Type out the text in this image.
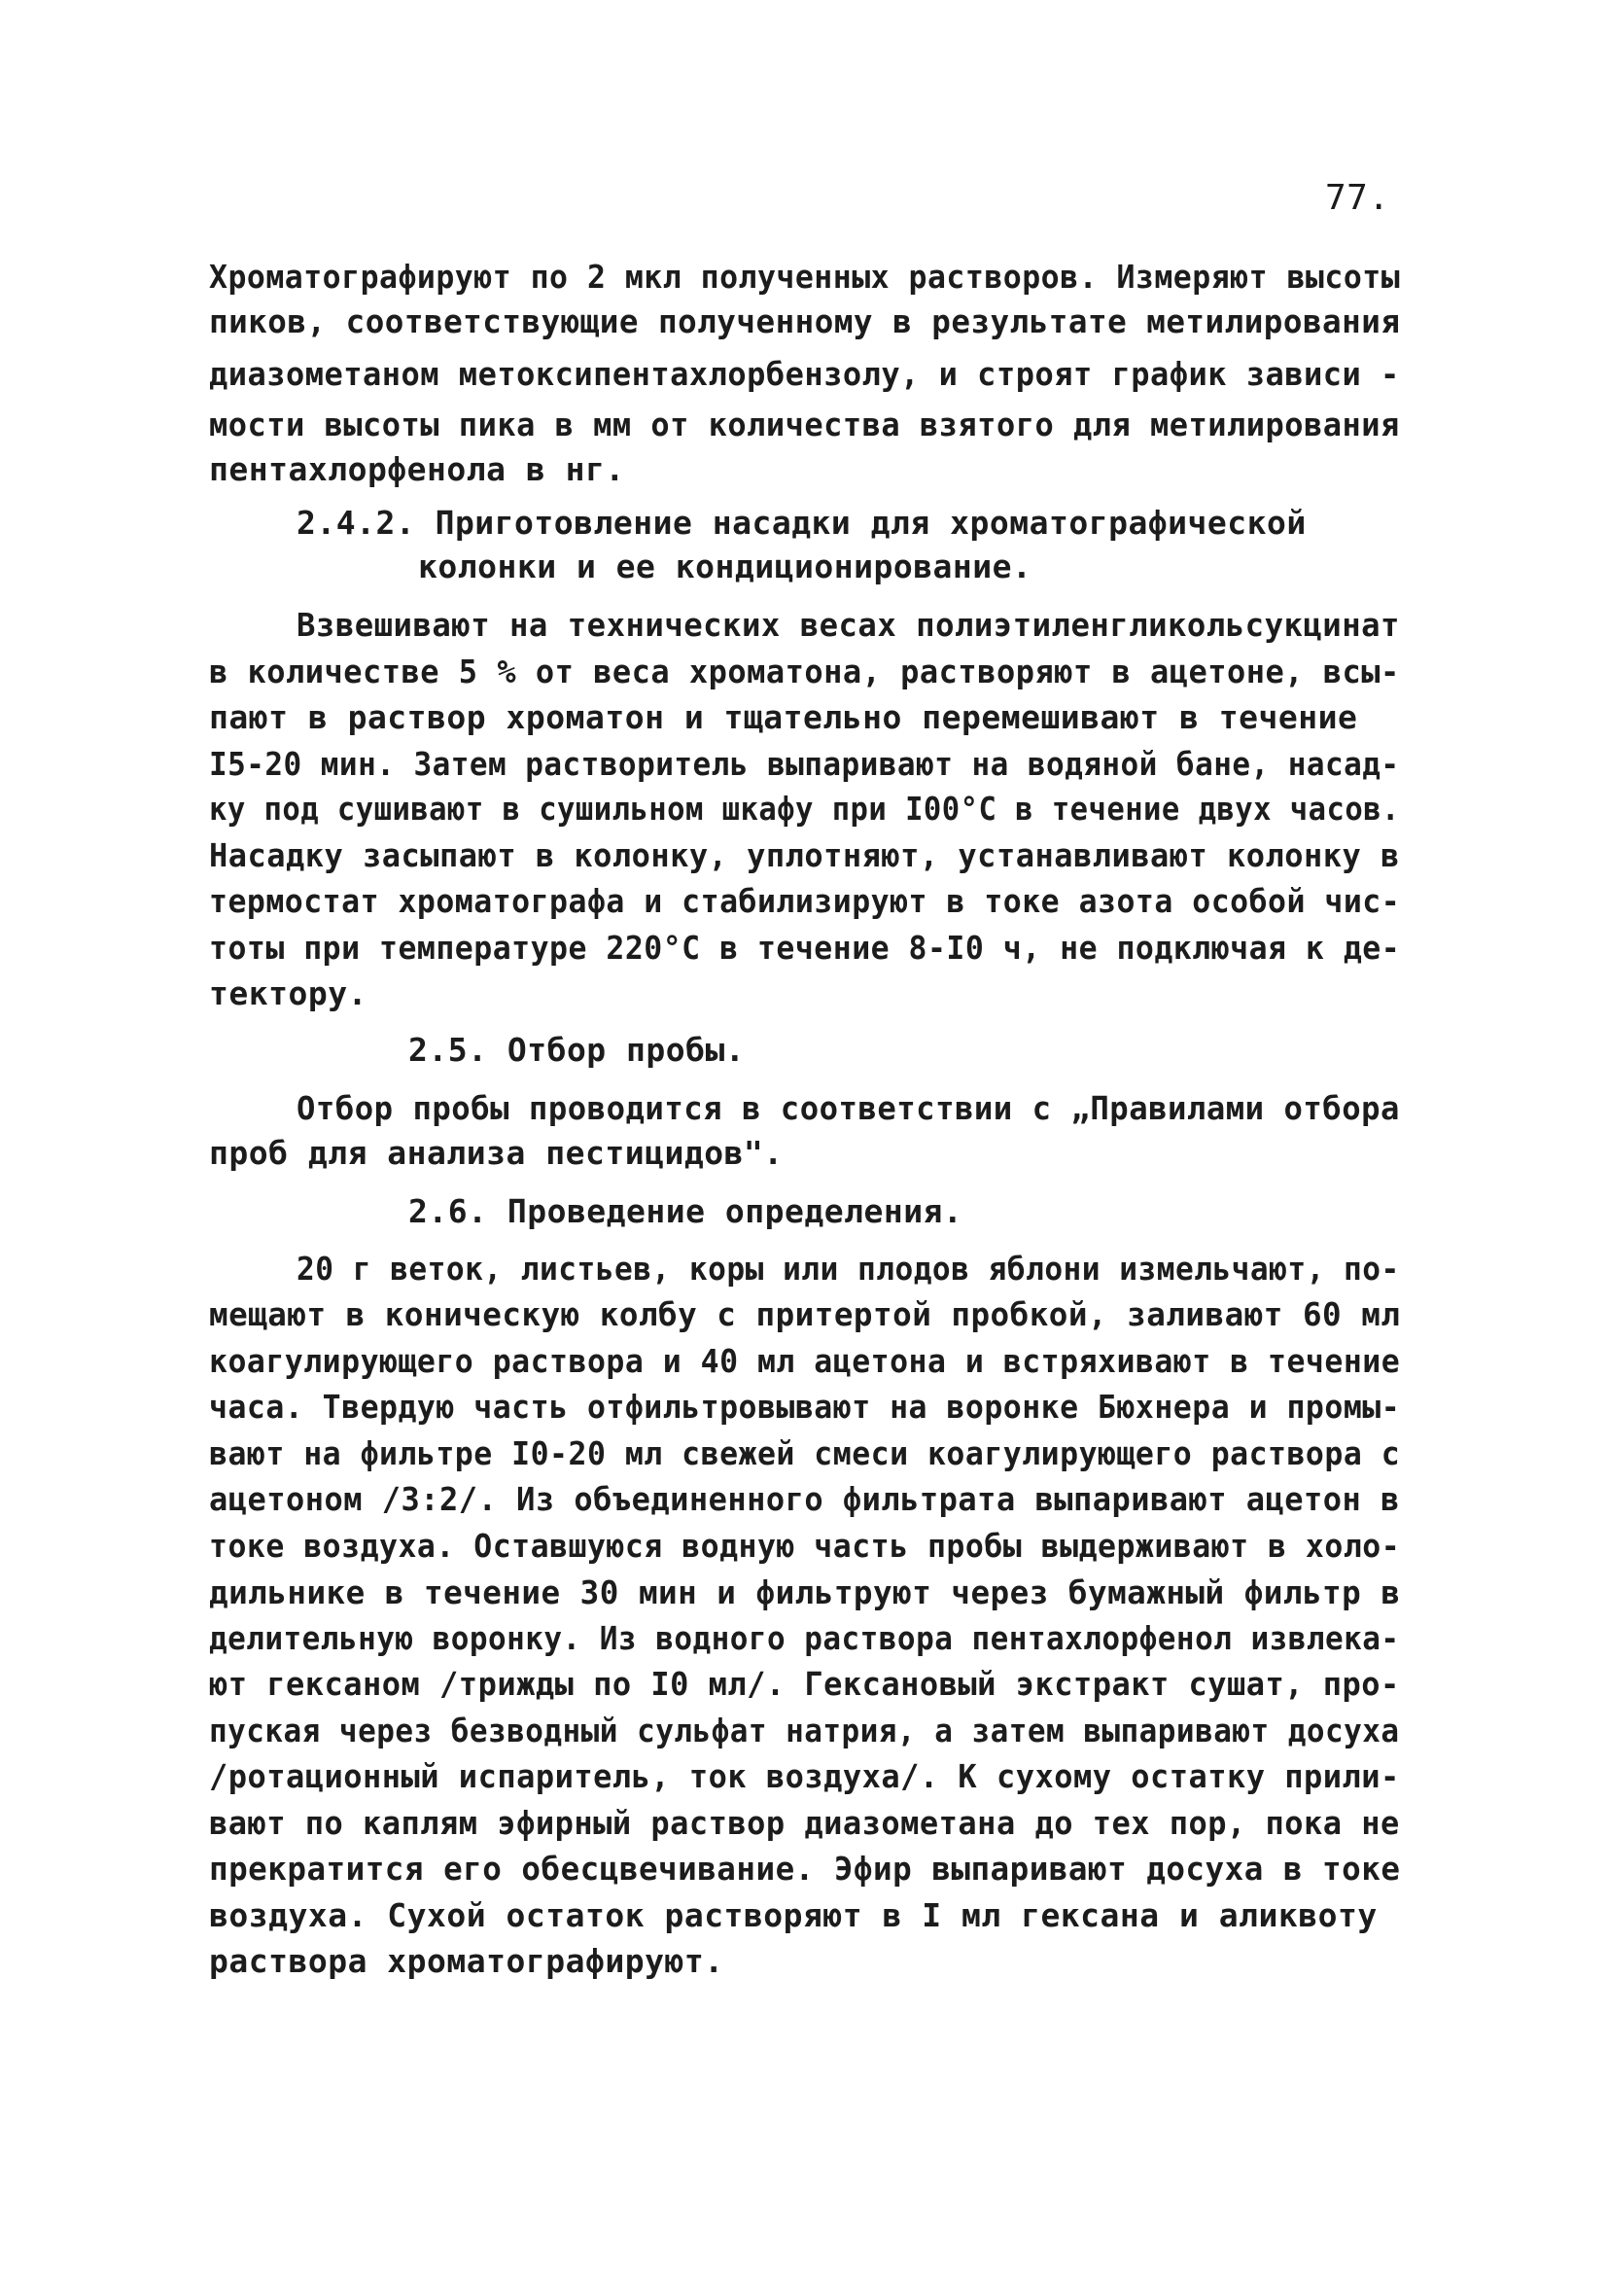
77.
Хроматографируют по 2 мкл полученных растворов. Измеряют высоты
пиков, соответствующие полученному в результате метилирования
диазометаном метоксипентахлорбензолу, и строят график зависи -
мости высоты пика в мм от количества взятого для метилирования
пентахлорфенола в нг.
2.4.2. Приготовление насадки для хроматографической
колонки и ее кондиционирование.
Взвешивают на технических весах полиэтиленгликольсукцинат
в количестве 5 % от веса хроматона, растворяют в ацетоне, всы-
пают в раствор хроматон и тщательно перемешивают в течение
I5-20 мин. Затем растворитель выпаривают на водяной бане, насад-
ку под сушивают в сушильном шкафу при I00°С в течение двух часов.
Насадку засыпают в колонку, уплотняют, устанавливают колонку в
термостат хроматографа и стабилизируют в токе азота особой чис-
тоты при температуре 220°С в течение 8-I0 ч, не подключая к де-
тектору.
2.5. Отбор пробы.
Отбор пробы проводится в соответствии с „Правилами отбора
проб для анализа пестицидов".
2.6. Проведение определения.
20 г веток, листьев, коры или плодов яблони измельчают, по-
мещают в коническую колбу с притертой пробкой, заливают 60 мл
коагулирующего раствора и 40 мл ацетона и встряхивают в течение
часа. Твердую часть отфильтровывают на воронке Бюхнера и промы-
вают на фильтре I0-20 мл свежей смеси коагулирующего раствора с
ацетоном /3:2/. Из объединенного фильтрата выпаривают ацетон в
токе воздуха. Оставшуюся водную часть пробы выдерживают в холо-
дильнике в течение 30 мин и фильтруют через бумажный фильтр в
делительную воронку. Из водного раствора пентахлорфенол извлека-
ют гексаном /трижды по I0 мл/. Гексановый экстракт сушат, про-
пуская через безводный сульфат натрия, а затем выпаривают досуха
/ротационный испаритель, ток воздуха/. К сухому остатку прили-
вают по каплям эфирный раствор диазометана до тех пор, пока не
прекратится его обесцвечивание. Эфир выпаривают досуха в токе
воздуха. Сухой остаток растворяют в I мл гексана и аликвоту
раствора хроматографируют.
